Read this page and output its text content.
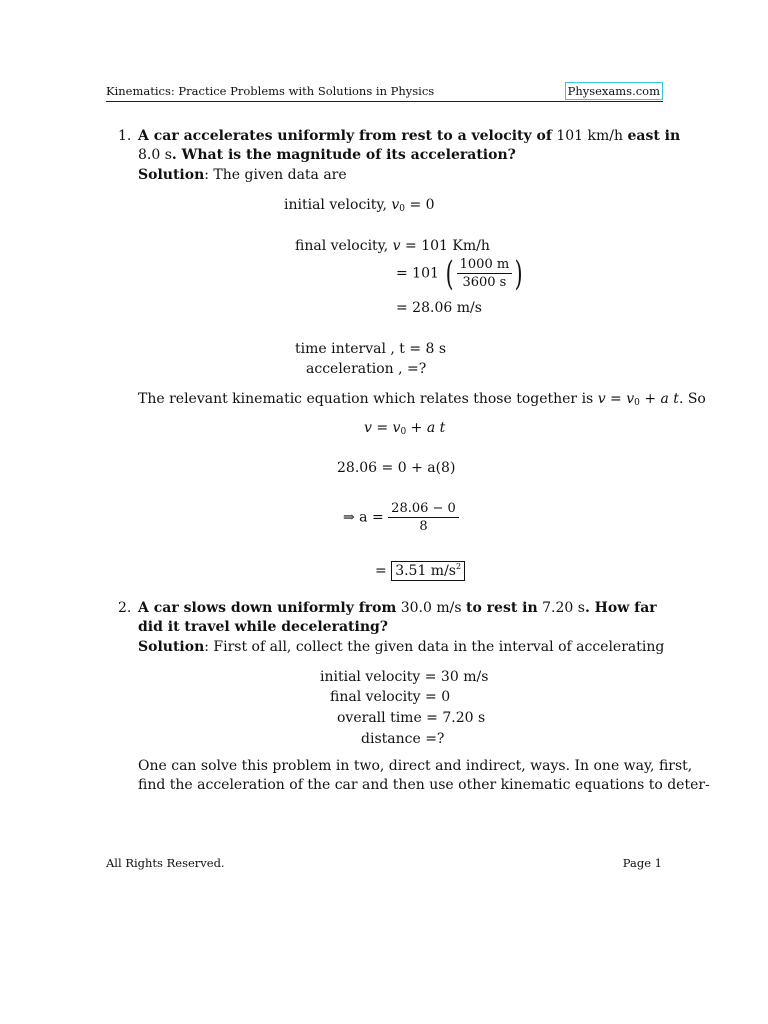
Kinematics: Practice Problems with Solutions in Physics	Physexams.com
1. A car accelerates uniformly from rest to a velocity of 101 km/h east in
8.0 s. What is the magnitude of its acceleration?
Solution: The given data are
initial velocity, $v_0 = 0$
final velocity, v = 101 Km/h
= 101 ( $\frac{1000 m}{3600 s}$ )
= 28.06 m/s
time interval , t = 8 s
acceleration , =?
The relevant kinematic equation which relates those together is $v = v_0 + a$ t. So
$v = v_0 + a$ t
28.06 = 0 + a(8)
⇒ $a = \frac{28.06 - 0}{8}$
= 3.51 $m/s^2$
2. A car slows down uniformly from 30.0 m/s to rest in 7.20 s. How far
did it travel while decelerating?
Solution: First of all, collect the given data in the interval of accelerating
initial velocity = 30 m/s
final velocity = 0
overall time = 7.20 s
distance =?
One can solve this problem in two, direct and indirect, ways. In one way, first,
find the acceleration of the car and then use other kinematic equations to deter-
All Rights Reserved.	Page 1
